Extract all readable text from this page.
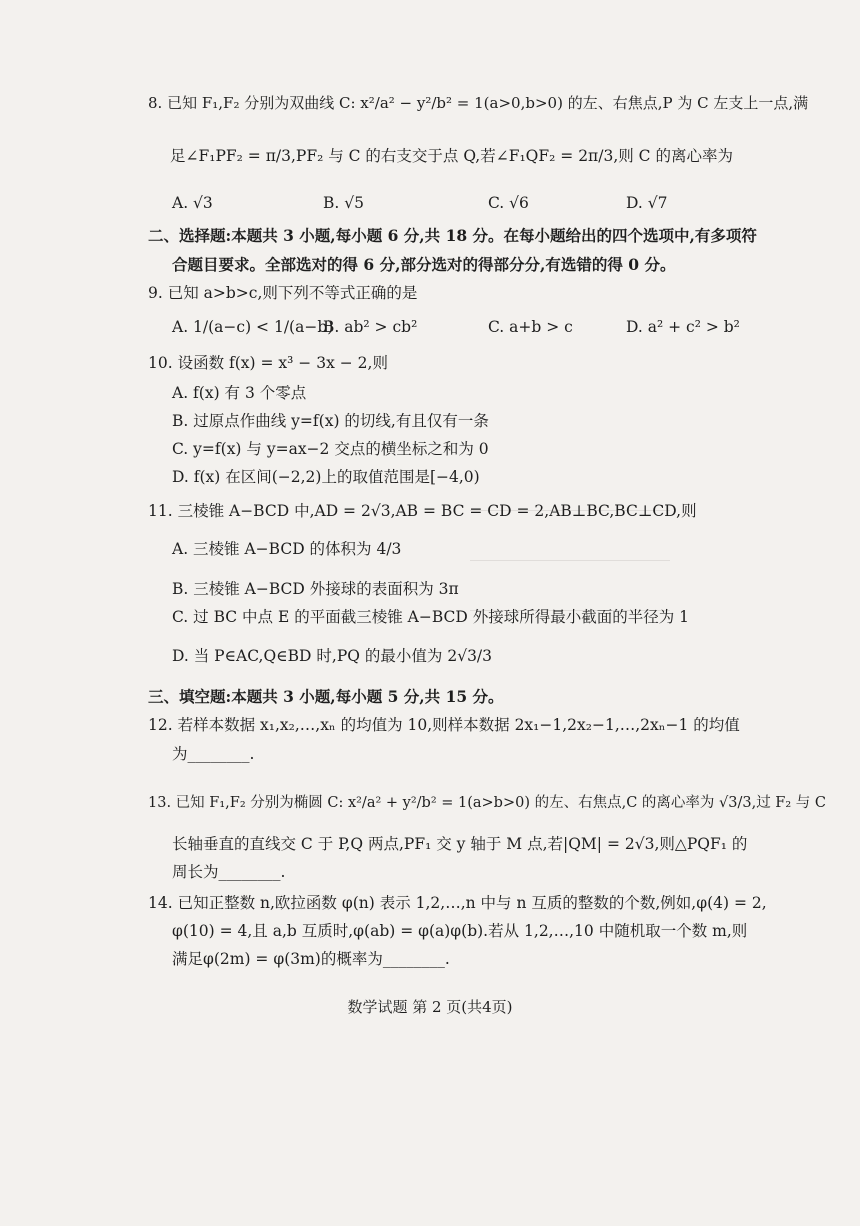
8. 已知 F₁,F₂ 分别为双曲线 C: x²/a² − y²/b² = 1(a>0,b>0) 的左、右焦点,P 为 C 左支上一点,满
足∠F₁PF₂ = π/3,PF₂ 与 C 的右支交于点 Q,若∠F₁QF₂ = 2π/3,则 C 的离心率为
A. √3	B. √5	C. √6	D. √7
二、选择题:本题共 3 小题,每小题 6 分,共 18 分。在每小题给出的四个选项中,有多项符
合题目要求。全部选对的得 6 分,部分选对的得部分分,有选错的得 0 分。
9. 已知 a>b>c,则下列不等式正确的是
A. 1/(a−c) < 1/(a−b)
B. ab² > cb²	C. a+b > c	D. a² + c² > b²
10. 设函数 f(x) = x³ − 3x − 2,则
A. f(x) 有 3 个零点
B. 过原点作曲线 y=f(x) 的切线,有且仅有一条
C. y=f(x) 与 y=ax−2 交点的横坐标之和为 0
D. f(x) 在区间(−2,2)上的取值范围是[−4,0)
11. 三棱锥 A−BCD 中,AD = 2√3,AB = BC = CD = 2,AB⊥BC,BC⊥CD,则
A. 三棱锥 A−BCD 的体积为 4/3
B. 三棱锥 A−BCD 外接球的表面积为 3π
C. 过 BC 中点 E 的平面截三棱锥 A−BCD 外接球所得最小截面的半径为 1
D. 当 P∈AC,Q∈BD 时,PQ 的最小值为 2√3/3
三、填空题:本题共 3 小题,每小题 5 分,共 15 分。
12. 若样本数据 x₁,x₂,…,xₙ 的均值为 10,则样本数据 2x₁−1,2x₂−1,…,2xₙ−1 的均值
为________.
13. 已知 F₁,F₂ 分别为椭圆 C: x²/a² + y²/b² = 1(a>b>0) 的左、右焦点,C 的离心率为 √3/3,过 F₂ 与 C
长轴垂直的直线交 C 于 P,Q 两点,PF₁ 交 y 轴于 M 点,若|QM| = 2√3,则△PQF₁ 的
周长为________.
14. 已知正整数 n,欧拉函数 φ(n) 表示 1,2,…,n 中与 n 互质的整数的个数,例如,φ(4) = 2,
φ(10) = 4,且 a,b 互质时,φ(ab) = φ(a)φ(b).若从 1,2,…,10 中随机取一个数 m,则
满足φ(2m) = φ(3m)的概率为________.
数学试题 第 2 页(共4页)
